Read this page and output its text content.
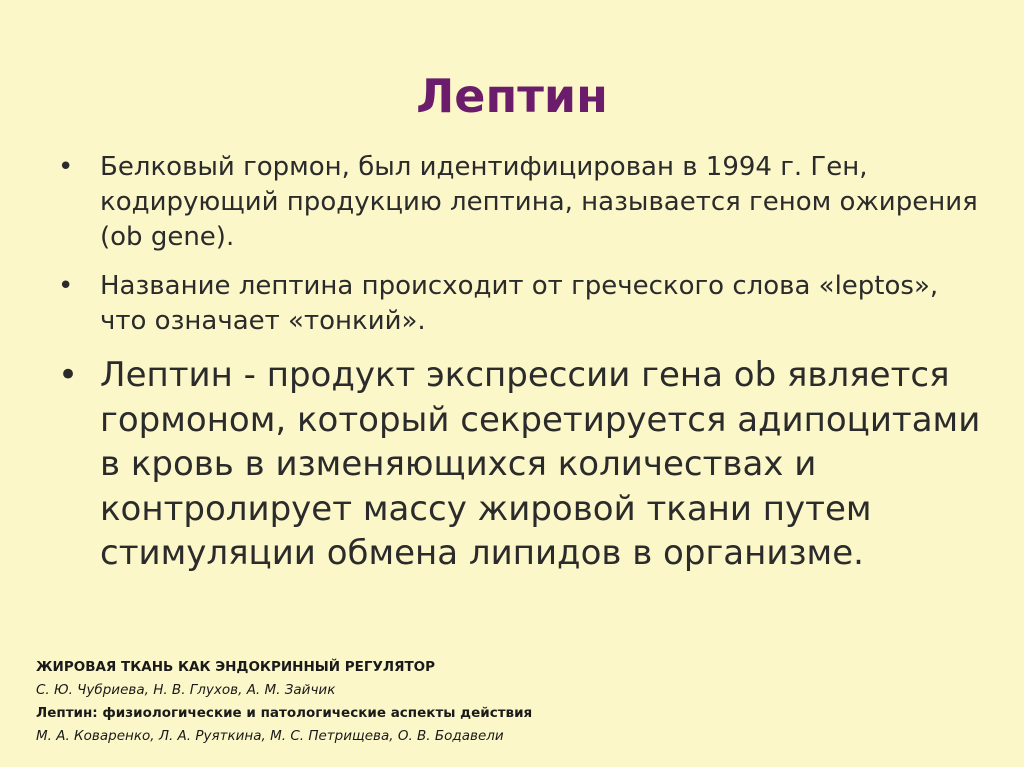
Лептин
• Белковый гормон, был идентифицирован в 1994 г. Ген, кодирующий продукцию лептина, называется геном ожирения (ob gene).
• Название лептина происходит от греческого слова «leptos», что означает «тонкий».
• Лептин - продукт экспрессии гена ob является гормоном, который секретируется адипоцитами в кровь в изменяющихся количествах и контролирует массу жировой ткани путем стимуляции обмена липидов в организме.
ЖИРОВАЯ ТКАНЬ КАК ЭНДОКРИННЫЙ РЕГУЛЯТОР
С. Ю. Чубриева, Н. В. Глухов, А. М. Зайчик
Лептин: физиологические и патологические аспекты действия
М. А. Коваренко, Л. А. Руяткина, М. С. Петрищева, О. В. Бодавели
